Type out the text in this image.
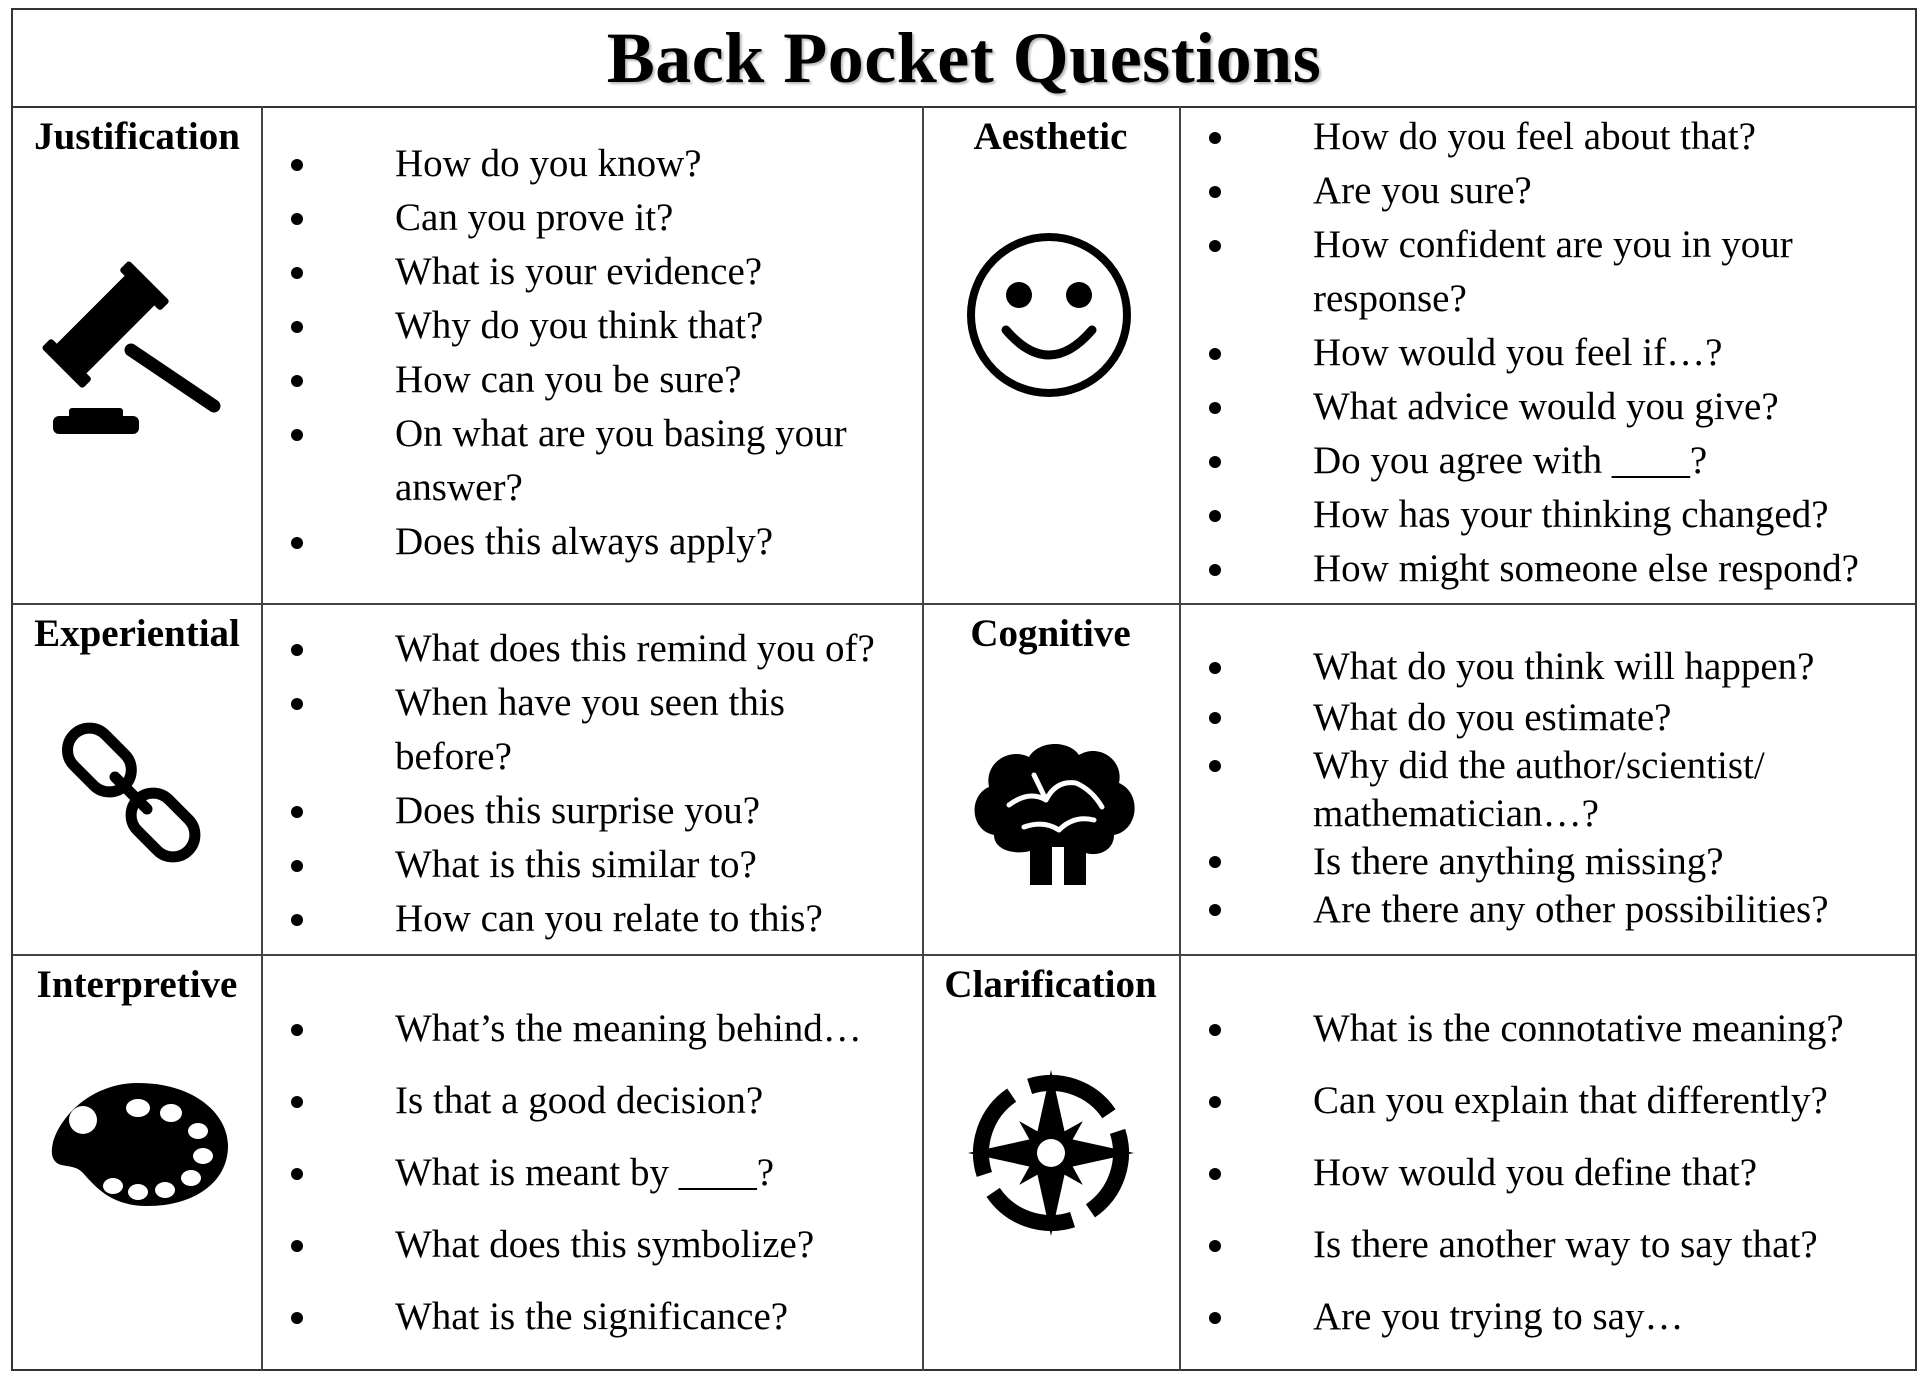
Back Pocket Questions
Justification
How do you know?
Can you prove it?
What is your evidence?
Why do you think that?
How can you be sure?
On what are you basing your answer?
Does this always apply?
Aesthetic	How do you feel about that?
Are you sure?
How confident are you in your response?
How would you feel if…?
What advice would you give?
Do you agree with ____?
How has your thinking changed?
How might someone else respond?
Experiential	What does this remind you of?
When have you seen this before?
Does this surprise you?
What is this similar to?
How can you relate to this?
Cognitive
What do you think will happen?
What do you estimate?
Why did the author/scientist/ mathematician…?
Is there anything missing?
Are there any other possibilities?
Interpretive
What’s the meaning behind…
Is that a good decision?
What is meant by ____?
What does this symbolize?
What is the significance?
Clarification
What is the connotative meaning?
Can you explain that differently?
How would you define that?
Is there another way to say that?
Are you trying to say…
